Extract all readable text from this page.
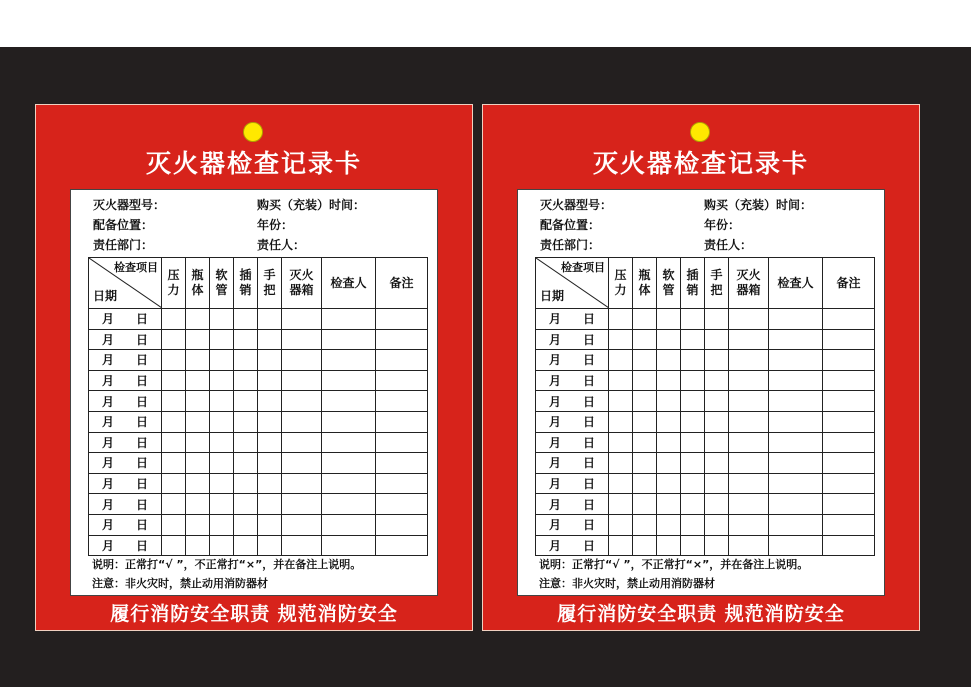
灭火器检查记录卡
灭火器型号：	购买（充装）时间：
配备位置：	年份：
责任部门：	责任人：
检查项目
日期	压力	瓶体	软管	插销	手把	灭火器箱	检查人	备注
月 日								
月 日								
月 日								
月 日								
月 日								
月 日								
月 日								
月 日								
月 日								
月 日								
月 日								
月 日								
说明：正常打“√ ”，不正常打“×”，并在备注上说明。
注意：非火灾时，禁止动用消防器材
履行消防安全职责 规范消防安全
灭火器检查记录卡
灭火器型号：	购买（充装）时间：
配备位置：	年份：
责任部门：	责任人：
检查项目
日期	压力	瓶体	软管	插销	手把	灭火器箱	检查人	备注
月 日								
月 日								
月 日								
月 日								
月 日								
月 日								
月 日								
月 日								
月 日								
月 日								
月 日								
月 日								
说明：正常打“√ ”，不正常打“×”，并在备注上说明。
注意：非火灾时，禁止动用消防器材
履行消防安全职责 规范消防安全
